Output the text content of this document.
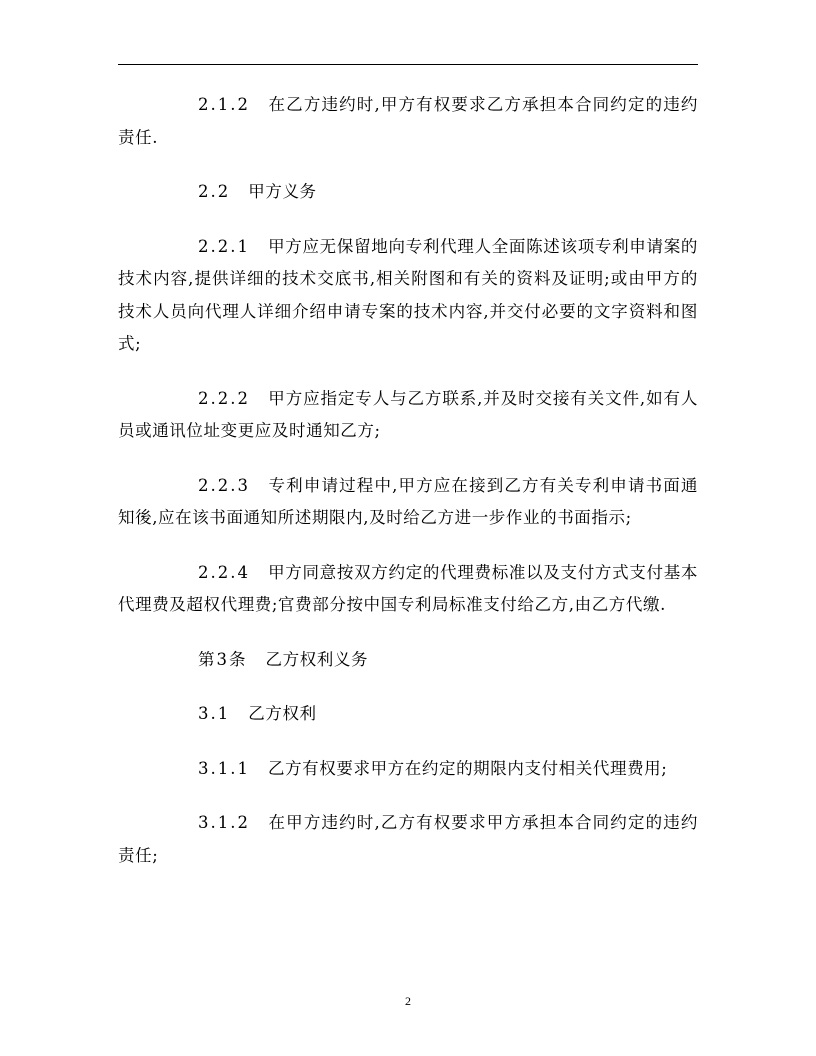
2.1.2 在乙方违约时,甲方有权要求乙方承担本合同约定的违约责任.

2.2 甲方义务

2.2.1 甲方应无保留地向专利代理人全面陈述该项专利申请案的技术内容,提供详细的技术交底书,相关附图和有关的资料及证明;或由甲方的技术人员向代理人详细介绍申请专案的技术内容,并交付必要的文字资料和图式;

2.2.2 甲方应指定专人与乙方联系,并及时交接有关文件,如有人员或通讯位址变更应及时通知乙方;

2.2.3 专利申请过程中,甲方应在接到乙方有关专利申请书面通知後,应在该书面通知所述期限内,及时给乙方进一步作业的书面指示;

2.2.4 甲方同意按双方约定的代理费标准以及支付方式支付基本代理费及超权代理费;官费部分按中国专利局标准支付给乙方,由乙方代缴.

第3条 乙方权利义务

3.1 乙方权利

3.1.1 乙方有权要求甲方在约定的期限内支付相关代理费用;

3.1.2 在甲方违约时,乙方有权要求甲方承担本合同约定的违约责任;

2
